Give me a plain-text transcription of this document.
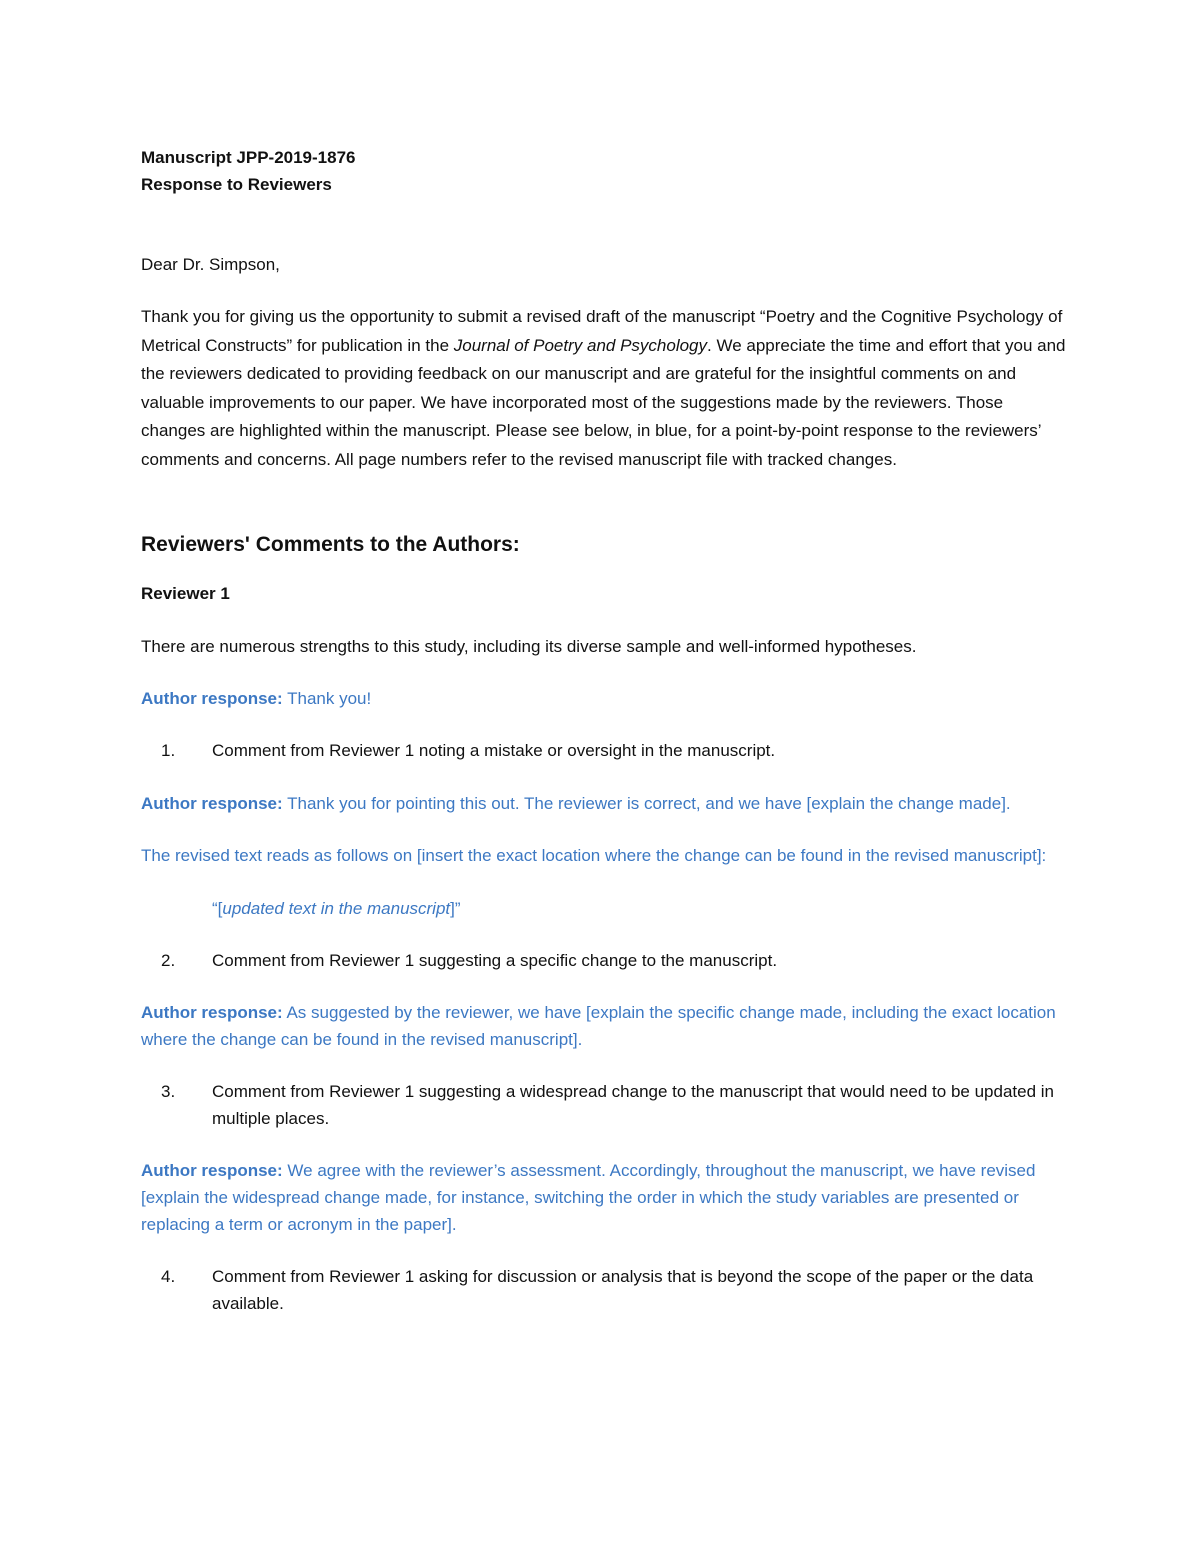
Manuscript JPP-2019-1876

Response to Reviewers

Dear Dr. Simpson,

Thank you for giving us the opportunity to submit a revised draft of the manuscript “Poetry and the Cognitive Psychology of Metrical Constructs” for publication in the Journal of Poetry and Psychology. We appreciate the time and effort that you and the reviewers dedicated to providing feedback on our manuscript and are grateful for the insightful comments on and valuable improvements to our paper. We have incorporated most of the suggestions made by the reviewers. Those changes are highlighted within the manuscript. Please see below, in blue, for a point-by-point response to the reviewers’ comments and concerns. All page numbers refer to the revised manuscript file with tracked changes.

Reviewers' Comments to the Authors:

Reviewer 1

There are numerous strengths to this study, including its diverse sample and well-informed hypotheses.

Author response: Thank you!

1.	Comment from Reviewer 1 noting a mistake or oversight in the manuscript.

Author response: Thank you for pointing this out. The reviewer is correct, and we have [explain the change made].

The revised text reads as follows on [insert the exact location where the change can be found in the revised manuscript]:

“[updated text in the manuscript]”

2.	Comment from Reviewer 1 suggesting a specific change to the manuscript.

Author response: As suggested by the reviewer, we have [explain the specific change made, including the exact location where the change can be found in the revised manuscript].

3.	Comment from Reviewer 1 suggesting a widespread change to the manuscript that would need to be updated in multiple places.

Author response: We agree with the reviewer’s assessment. Accordingly, throughout the manuscript, we have revised [explain the widespread change made, for instance, switching the order in which the study variables are presented or replacing a term or acronym in the paper].

4.	Comment from Reviewer 1 asking for discussion or analysis that is beyond the scope of the paper or the data available.
